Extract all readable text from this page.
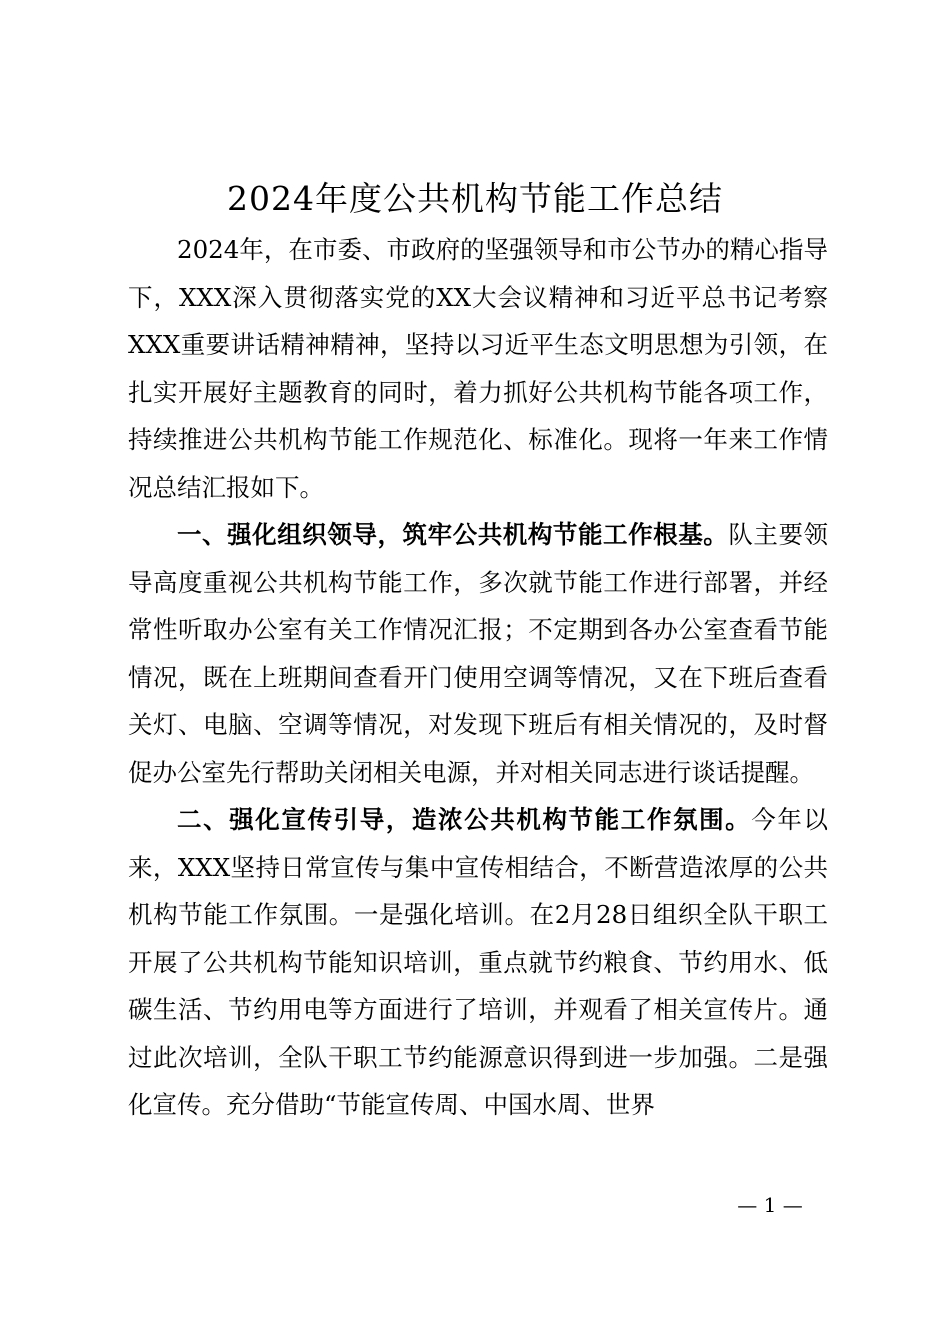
2024年度公共机构节能工作总结

2024年，在市委、市政府的坚强领导和市公节办的精心指导下，XXX深入贯彻落实党的XX大会议精神和习近平总书记考察XXX重要讲话精神精神，坚持以习近平生态文明思想为引领，在扎实开展好主题教育的同时，着力抓好公共机构节能各项工作，持续推进公共机构节能工作规范化、标准化。现将一年来工作情况总结汇报如下。

一、强化组织领导，筑牢公共机构节能工作根基。队主要领导高度重视公共机构节能工作，多次就节能工作进行部署，并经常性听取办公室有关工作情况汇报；不定期到各办公室查看节能情况，既在上班期间查看开门使用空调等情况，又在下班后查看关灯、电脑、空调等情况，对发现下班后有相关情况的，及时督促办公室先行帮助关闭相关电源，并对相关同志进行谈话提醒。

二、强化宣传引导，造浓公共机构节能工作氛围。今年以来，XXX坚持日常宣传与集中宣传相结合，不断营造浓厚的公共机构节能工作氛围。一是强化培训。在2月28日组织全队干职工开展了公共机构节能知识培训，重点就节约粮食、节约用水、低碳生活、节约用电等方面进行了培训，并观看了相关宣传片。通过此次培训，全队干职工节约能源意识得到进一步加强。二是强化宣传。充分借助“节能宣传周、中国水周、世界

— 1 —
